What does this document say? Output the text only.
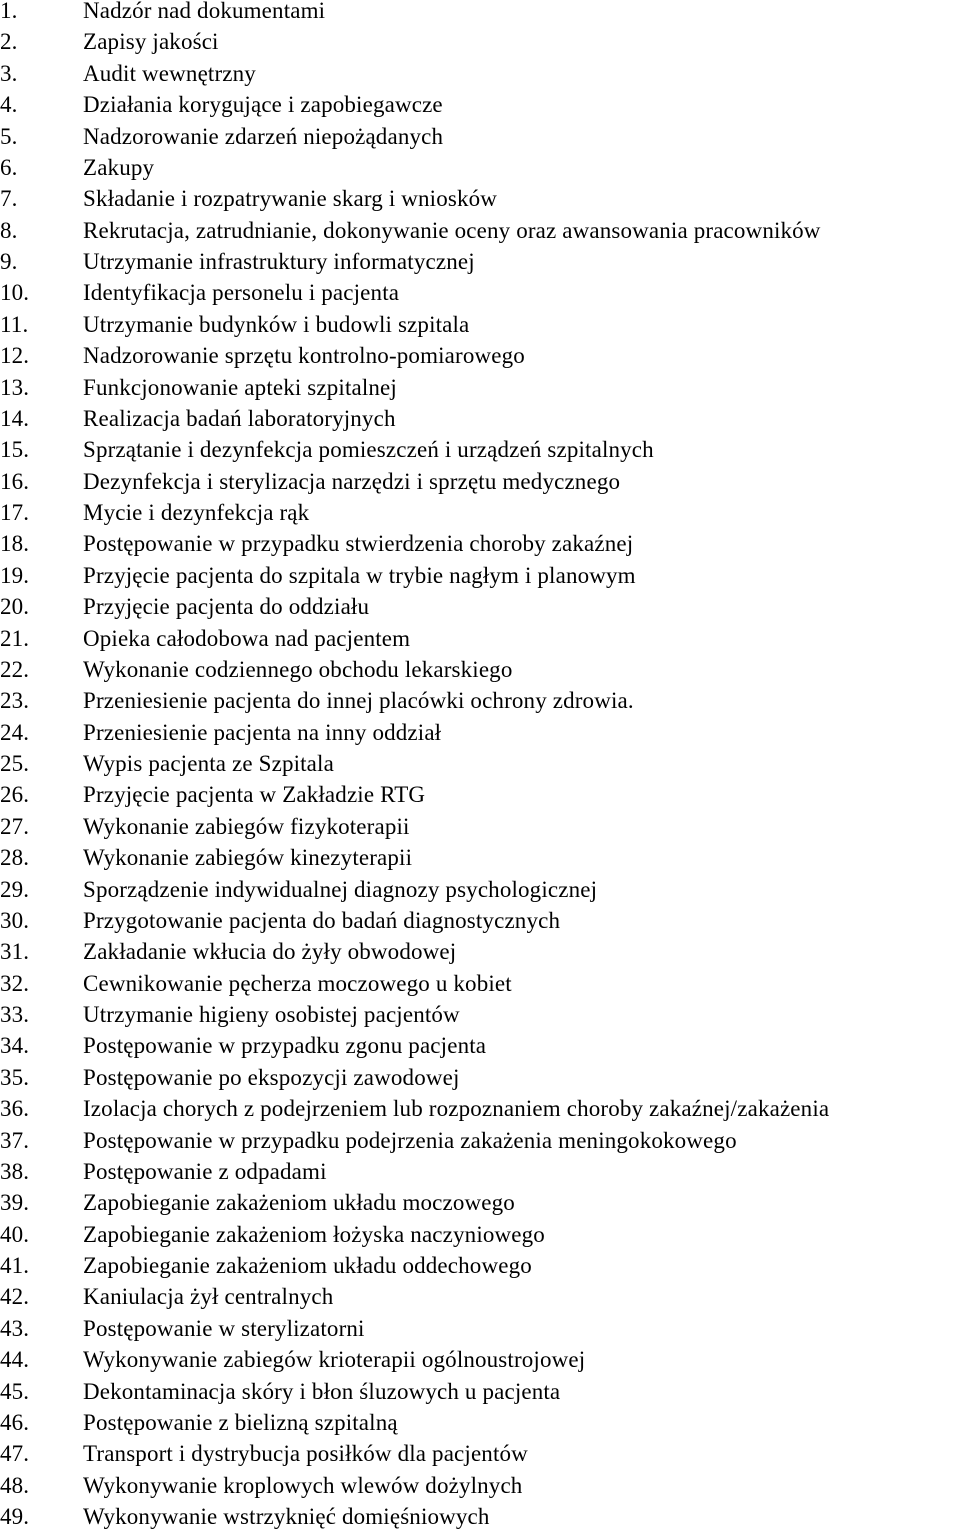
1.	Nadzór nad dokumentami
2.	Zapisy jakości
3.	Audit wewnętrzny
4.	Działania korygujące i zapobiegawcze
5.	Nadzorowanie zdarzeń niepożądanych
6.	Zakupy
7.	Składanie i rozpatrywanie skarg i wniosków
8.	Rekrutacja, zatrudnianie, dokonywanie oceny oraz awansowania pracowników
9.	Utrzymanie infrastruktury informatycznej
10.	Identyfikacja personelu i pacjenta
11.	Utrzymanie budynków i budowli szpitala
12.	Nadzorowanie sprzętu kontrolno-pomiarowego
13.	Funkcjonowanie apteki szpitalnej
14.	Realizacja badań laboratoryjnych
15.	Sprzątanie i dezynfekcja pomieszczeń i urządzeń szpitalnych
16.	Dezynfekcja i sterylizacja narzędzi i sprzętu medycznego
17.	Mycie i dezynfekcja rąk
18.	Postępowanie w przypadku stwierdzenia choroby zakaźnej
19.	Przyjęcie pacjenta do szpitala w trybie nagłym i planowym
20.	Przyjęcie pacjenta do oddziału
21.	Opieka całodobowa nad pacjentem
22.	Wykonanie codziennego obchodu lekarskiego
23.	Przeniesienie pacjenta do innej placówki ochrony zdrowia.
24.	Przeniesienie pacjenta na inny oddział
25.	Wypis pacjenta ze Szpitala
26.	Przyjęcie pacjenta w Zakładzie RTG
27.	Wykonanie zabiegów fizykoterapii
28.	Wykonanie zabiegów kinezyterapii
29.	Sporządzenie indywidualnej diagnozy psychologicznej
30.	Przygotowanie pacjenta do badań diagnostycznych
31.	Zakładanie wkłucia do żyły obwodowej
32.	Cewnikowanie pęcherza moczowego u kobiet
33.	Utrzymanie higieny osobistej pacjentów
34.	Postępowanie w przypadku zgonu pacjenta
35.	Postępowanie po ekspozycji zawodowej
36.	Izolacja chorych z podejrzeniem lub rozpoznaniem choroby zakaźnej/zakażenia
37.	Postępowanie w przypadku podejrzenia zakażenia meningokokowego
38.	Postępowanie z odpadami
39.	Zapobieganie zakażeniom układu moczowego
40.	Zapobieganie zakażeniom łożyska naczyniowego
41.	Zapobieganie zakażeniom układu oddechowego
42.	Kaniulacja żył centralnych
43.	Postępowanie w sterylizatorni
44.	Wykonywanie zabiegów krioterapii ogólnoustrojowej
45.	Dekontaminacja skóry i błon śluzowych u pacjenta
46.	Postępowanie z bielizną szpitalną
47.	Transport i dystrybucja posiłków dla pacjentów
48.	Wykonywanie kroplowych wlewów dożylnych
49.	Wykonywanie wstrzyknięć domięśniowych
